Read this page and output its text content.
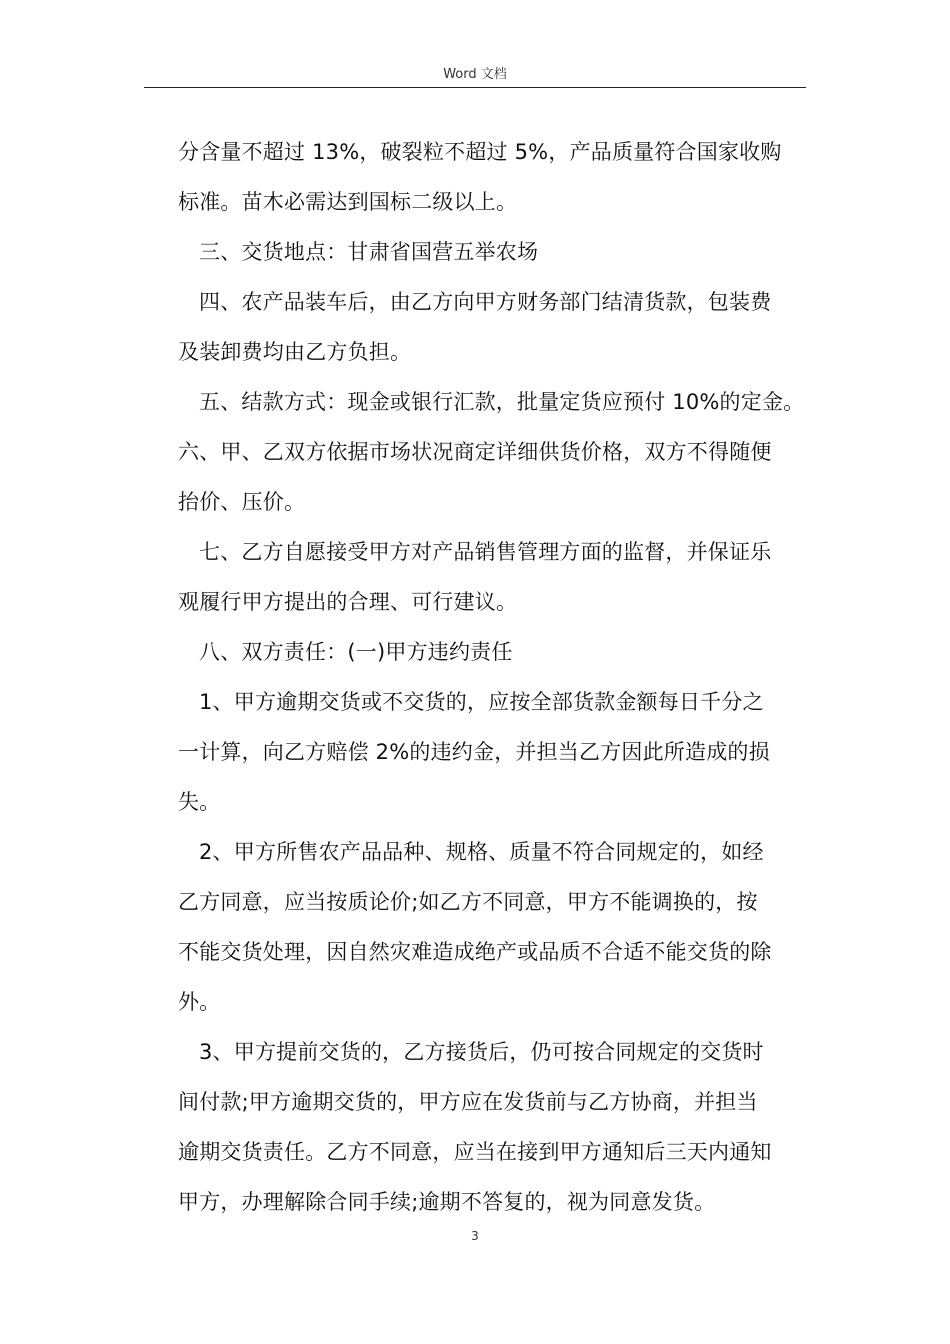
Word 文档
分含量不超过 13%，破裂粒不超过 5%，产品质量符合国家收购
标准。苗木必需达到国标二级以上。
三、交货地点：甘肃省国营五举农场
四、农产品装车后，由乙方向甲方财务部门结清货款，包装费
及装卸费均由乙方负担。
五、结款方式：现金或银行汇款，批量定货应预付 10%的定金。
六、甲、乙双方依据市场状况商定详细供货价格，双方不得随便
抬价、压价。
七、乙方自愿接受甲方对产品销售管理方面的监督，并保证乐
观履行甲方提出的合理、可行建议。
八、双方责任：(一)甲方违约责任
1、甲方逾期交货或不交货的，应按全部货款金额每日千分之
一计算，向乙方赔偿 2%的违约金，并担当乙方因此所造成的损
失。
2、甲方所售农产品品种、规格、质量不符合同规定的，如经
乙方同意，应当按质论价;如乙方不同意，甲方不能调换的，按
不能交货处理，因自然灾难造成绝产或品质不合适不能交货的除
外。
3、甲方提前交货的，乙方接货后，仍可按合同规定的交货时
间付款;甲方逾期交货的，甲方应在发货前与乙方协商，并担当
逾期交货责任。乙方不同意，应当在接到甲方通知后三天内通知
甲方，办理解除合同手续;逾期不答复的，视为同意发货。
3
